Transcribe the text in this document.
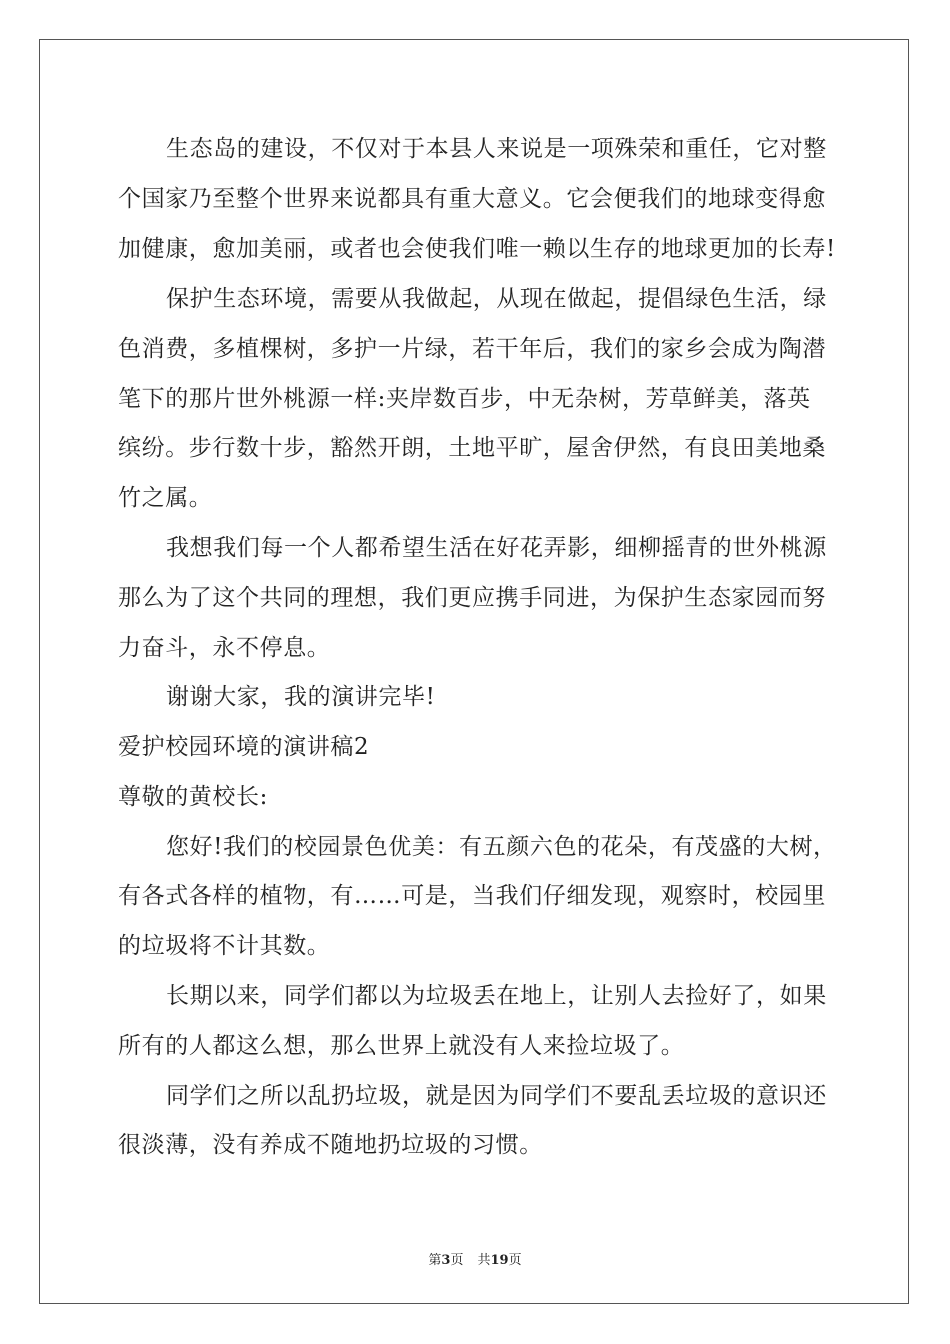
生态岛的建设，不仅对于本县人来说是一项殊荣和重任，它对整
个国家乃至整个世界来说都具有重大意义。它会便我们的地球变得愈
加健康，愈加美丽，或者也会使我们唯一赖以生存的地球更加的长寿!
保护生态环境，需要从我做起，从现在做起，提倡绿色生活，绿
色消费，多植棵树，多护一片绿，若干年后，我们的家乡会成为陶潜
笔下的那片世外桃源一样:夹岸数百步，中无杂树，芳草鲜美，落英
缤纷。步行数十步，豁然开朗，土地平旷，屋舍伊然，有良田美地桑
竹之属。
我想我们每一个人都希望生活在好花弄影，细柳摇青的世外桃源
那么为了这个共同的理想，我们更应携手同进，为保护生态家园而努
力奋斗，永不停息。
谢谢大家，我的演讲完毕!
爱护校园环境的演讲稿2
尊敬的黄校长:
您好!我们的校园景色优美：有五颜六色的花朵，有茂盛的大树，
有各式各样的植物，有……可是，当我们仔细发现，观察时，校园里
的垃圾将不计其数。
长期以来，同学们都以为垃圾丢在地上，让别人去捡好了，如果
所有的人都这么想，那么世界上就没有人来捡垃圾了。
同学们之所以乱扔垃圾，就是因为同学们不要乱丢垃圾的意识还
很淡薄，没有养成不随地扔垃圾的习惯。
第3页 共19页
